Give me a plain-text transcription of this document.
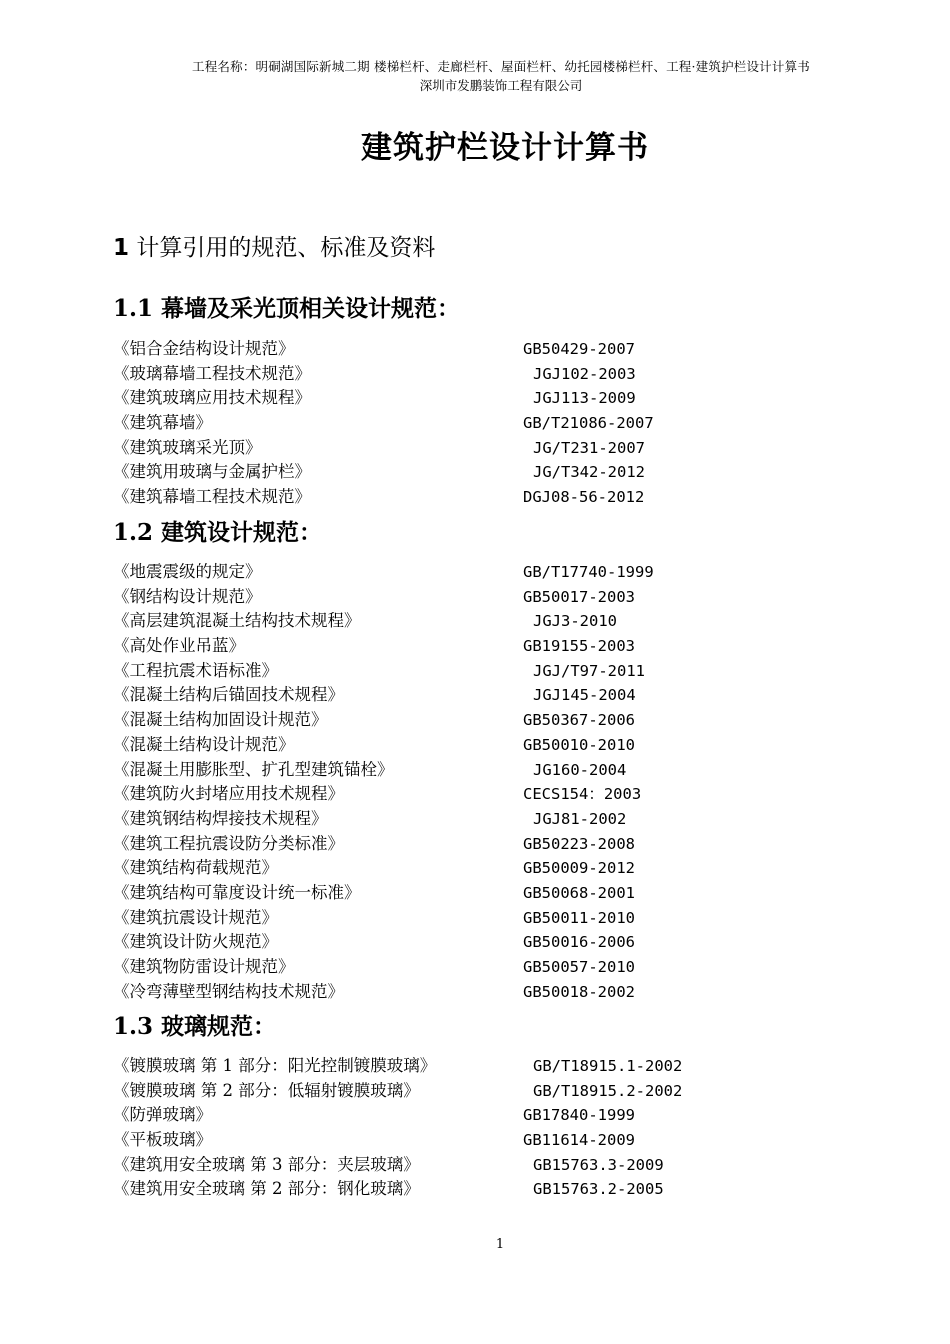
工程名称：明硐湖国际新城二期 楼梯栏杆、走廊栏杆、屋面栏杆、幼托园楼梯栏杆、工程·建筑护栏设计计算书
深圳市发鹏装饰工程有限公司
建筑护栏设计计算书
1 计算引用的规范、标准及资料
1.1 幕墙及采光顶相关设计规范：
《铝合金结构设计规范》	GB50429-2007
《玻璃幕墙工程技术规范》	JGJ102-2003
《建筑玻璃应用技术规程》	JGJ113-2009
《建筑幕墙》	GB/T21086-2007
《建筑玻璃采光顶》	JG/T231-2007
《建筑用玻璃与金属护栏》	JG/T342-2012
《建筑幕墙工程技术规范》	DGJ08-56-2012
1.2 建筑设计规范：
《地震震级的规定》	GB/T17740-1999
《钢结构设计规范》	GB50017-2003
《高层建筑混凝土结构技术规程》	JGJ3-2010
《高处作业吊蓝》	GB19155-2003
《工程抗震术语标准》	JGJ/T97-2011
《混凝土结构后锚固技术规程》	JGJ145-2004
《混凝土结构加固设计规范》	GB50367-2006
《混凝土结构设计规范》	GB50010-2010
《混凝土用膨胀型、扩孔型建筑锚栓》	JG160-2004
《建筑防火封堵应用技术规程》	CECS154：2003
《建筑钢结构焊接技术规程》	JGJ81-2002
《建筑工程抗震设防分类标准》	GB50223-2008
《建筑结构荷载规范》	GB50009-2012
《建筑结构可靠度设计统一标准》	GB50068-2001
《建筑抗震设计规范》	GB50011-2010
《建筑设计防火规范》	GB50016-2006
《建筑物防雷设计规范》	GB50057-2010
《冷弯薄壁型钢结构技术规范》	GB50018-2002
1.3 玻璃规范：
《镀膜玻璃 第 1 部分：阳光控制镀膜玻璃》	GB/T18915.1-2002
《镀膜玻璃 第 2 部分：低辐射镀膜玻璃》	GB/T18915.2-2002
《防弹玻璃》	GB17840-1999
《平板玻璃》	GB11614-2009
《建筑用安全玻璃 第 3 部分：夹层玻璃》	GB15763.3-2009
《建筑用安全玻璃 第 2 部分：钢化玻璃》	GB15763.2-2005
1
